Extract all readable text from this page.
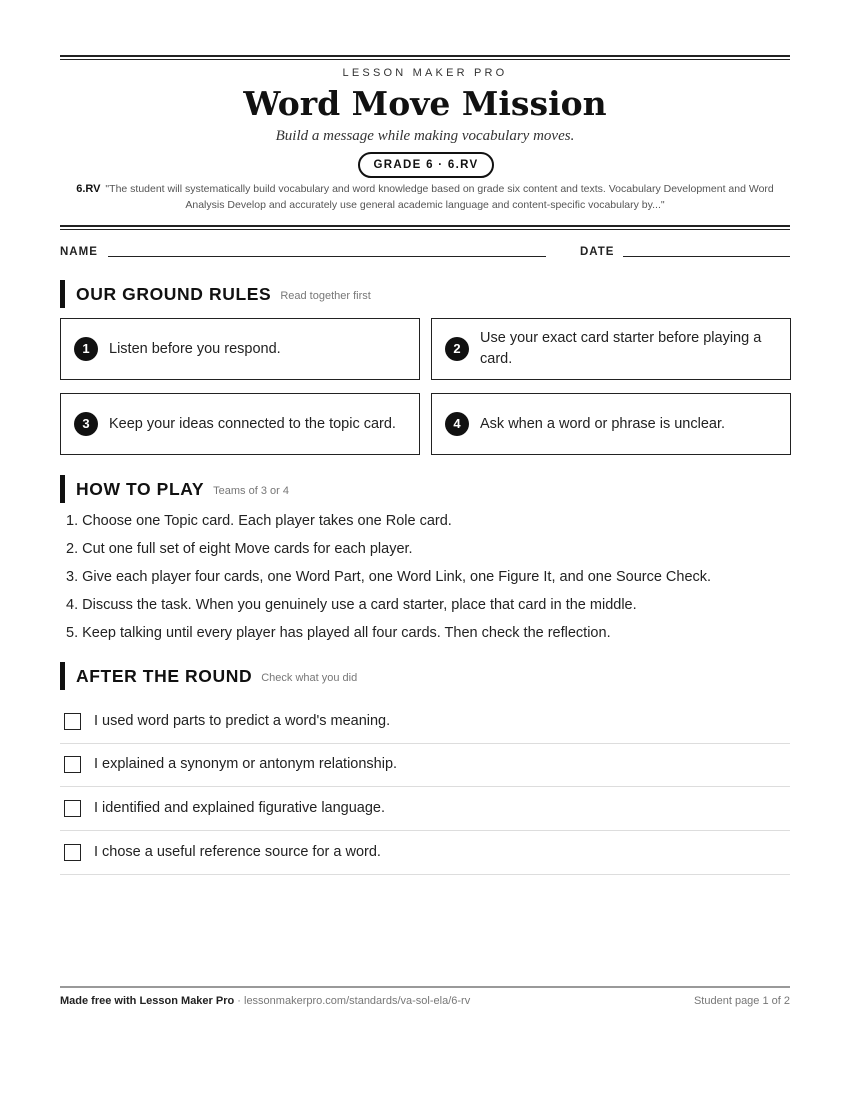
LESSON MAKER PRO
Word Move Mission
Build a message while making vocabulary moves.
GRADE 6 · 6.RV
6.RV "The student will systematically build vocabulary and word knowledge based on grade six content and texts. Vocabulary Development and Word Analysis Develop and accurately use general academic language and content-specific vocabulary by..."
NAME	DATE
OUR GROUND RULES Read together first
1	Listen before you respond.	2
Use your exact card starter before playing a card.
3	Keep your ideas connected to the topic card.	4	Ask when a word or phrase is unclear.
HOW TO PLAY Teams of 3 or 4
1. Choose one Topic card. Each player takes one Role card.
2. Cut one full set of eight Move cards for each player.
3. Give each player four cards, one Word Part, one Word Link, one Figure It, and one Source Check.
4. Discuss the task. When you genuinely use a card starter, place that card in the middle.
5. Keep talking until every player has played all four cards. Then check the reflection.
AFTER THE ROUND Check what you did
I used word parts to predict a word's meaning.
I explained a synonym or antonym relationship.
I identified and explained figurative language.
I chose a useful reference source for a word.
Made free with Lesson Maker Pro · lessonmakerpro.com/standards/va-sol-ela/6-rv	Student page 1 of 2
